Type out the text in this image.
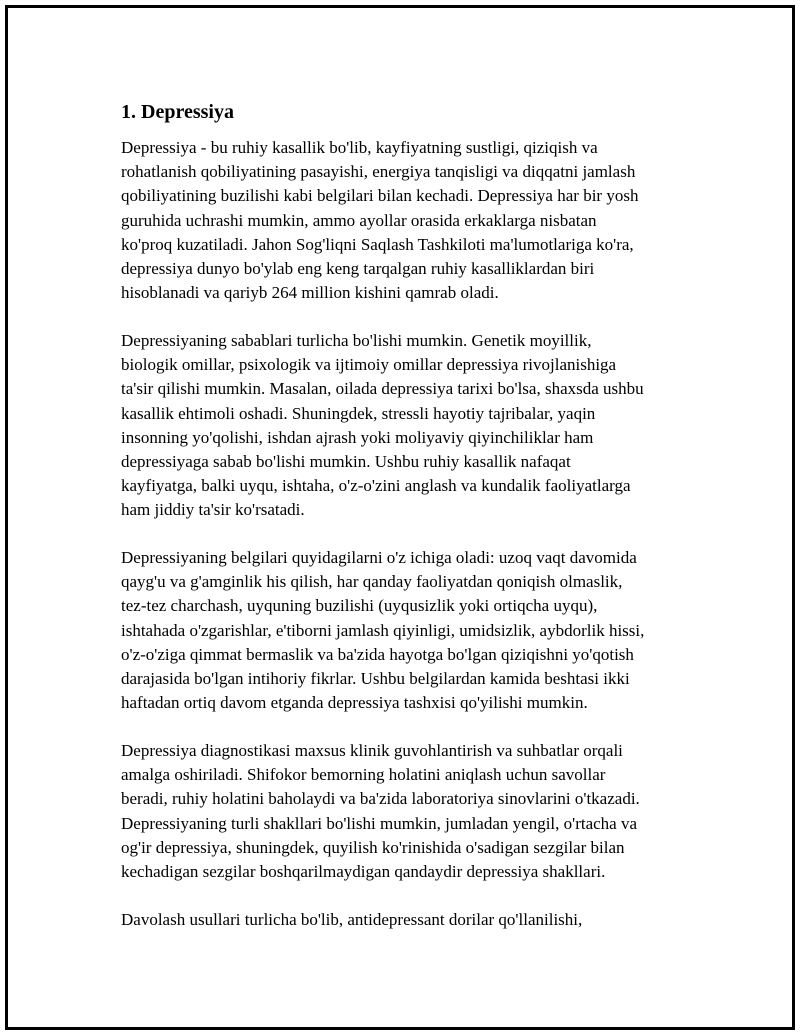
1. Depressiya

Depressiya - bu ruhiy kasallik bo'lib, kayfiyatning sustligi, qiziqish va
rohatlanish qobiliyatining pasayishi, energiya tanqisligi va diqqatni jamlash
qobiliyatining buzilishi kabi belgilari bilan kechadi. Depressiya har bir yosh
guruhida uchrashi mumkin, ammo ayollar orasida erkaklarga nisbatan
ko'proq kuzatiladi. Jahon Sog'liqni Saqlash Tashkiloti ma'lumotlariga ko'ra,
depressiya dunyo bo'ylab eng keng tarqalgan ruhiy kasalliklardan biri
hisoblanadi va qariyb 264 million kishini qamrab oladi.

Depressiyaning sabablari turlicha bo'lishi mumkin. Genetik moyillik,
biologik omillar, psixologik va ijtimoiy omillar depressiya rivojlanishiga
ta'sir qilishi mumkin. Masalan, oilada depressiya tarixi bo'lsa, shaxsda ushbu
kasallik ehtimoli oshadi. Shuningdek, stressli hayotiy tajribalar, yaqin
insonning yo'qolishi, ishdan ajrash yoki moliyaviy qiyinchiliklar ham
depressiyaga sabab bo'lishi mumkin. Ushbu ruhiy kasallik nafaqat
kayfiyatga, balki uyqu, ishtaha, o'z-o'zini anglash va kundalik faoliyatlarga
ham jiddiy ta'sir ko'rsatadi.

Depressiyaning belgilari quyidagilarni o'z ichiga oladi: uzoq vaqt davomida
qayg'u va g'amginlik his qilish, har qanday faoliyatdan qoniqish olmaslik,
tez-tez charchash, uyquning buzilishi (uyqusizlik yoki ortiqcha uyqu),
ishtahada o'zgarishlar, e'tiborni jamlash qiyinligi, umidsizlik, aybdorlik hissi,
o'z-o'ziga qimmat bermaslik va ba'zida hayotga bo'lgan qiziqishni yo'qotish
darajasida bo'lgan intihoriy fikrlar. Ushbu belgilardan kamida beshtasi ikki
haftadan ortiq davom etganda depressiya tashxisi qo'yilishi mumkin.

Depressiya diagnostikasi maxsus klinik guvohlantirish va suhbatlar orqali
amalga oshiriladi. Shifokor bemorning holatini aniqlash uchun savollar
beradi, ruhiy holatini baholaydi va ba'zida laboratoriya sinovlarini o'tkazadi.
Depressiyaning turli shakllari bo'lishi mumkin, jumladan yengil, o'rtacha va
og'ir depressiya, shuningdek, quyilish ko'rinishida o'sadigan sezgilar bilan
kechadigan sezgilar boshqarilmaydigan qandaydir depressiya shakllari.

Davolash usullari turlicha bo'lib, antidepressant dorilar qo'llanilishi,
